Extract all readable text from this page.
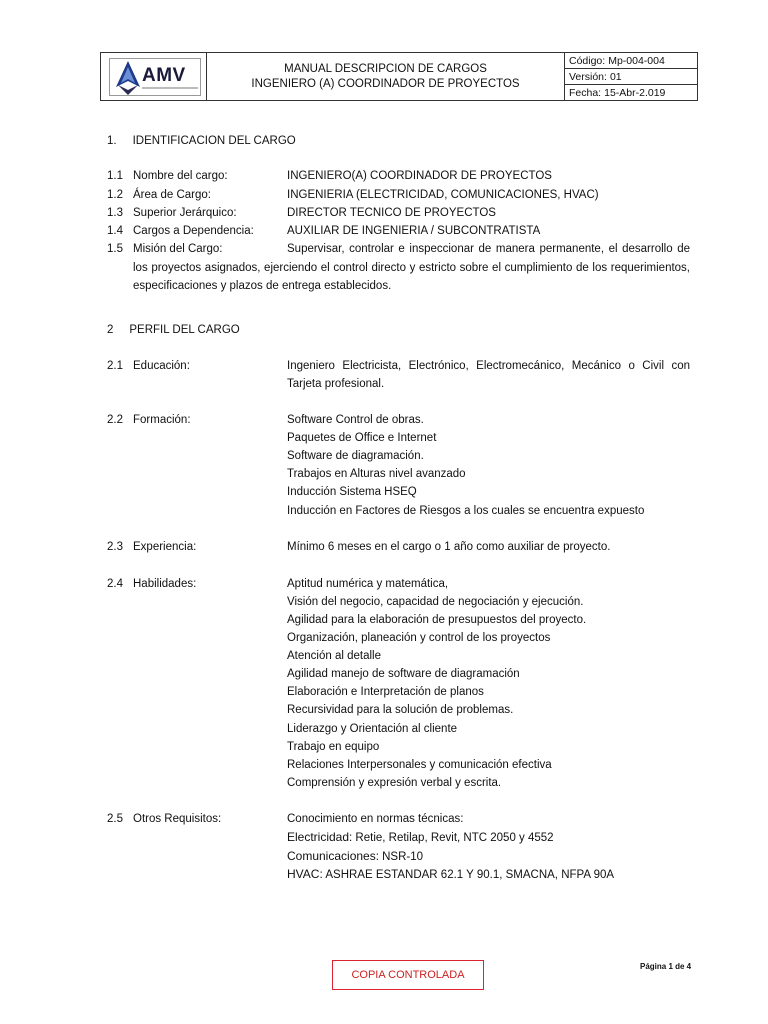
AMV	MANUAL DESCRIPCION DE CARGOS
INGENIERO (A) COORDINADOR DE PROYECTOS
Código: Mp-004-004
Versión: 01
Fecha: 15-Abr-2.019
1.     IDENTIFICACION DEL CARGO
1.1 Nombre del cargo:	INGENIERO(A) COORDINADOR DE PROYECTOS
1.2 Área de Cargo:	INGENIERIA (ELECTRICIDAD, COMUNICACIONES, HVAC)
1.3 Superior Jerárquico:	DIRECTOR TECNICO DE PROYECTOS
1.4 Cargos a Dependencia:	AUXILIAR DE INGENIERIA / SUBCONTRATISTA
1.5 Misión del Cargo:	Supervisar, controlar e inspeccionar de manera permanente, el desarrollo de
los proyectos asignados, ejerciendo el control directo y estricto sobre el cumplimiento de los requerimientos,
especificaciones y plazos de entrega establecidos.
2     PERFIL DEL CARGO
2.1 Educación:	Ingeniero Electricista, Electrónico, Electromecánico, Mecánico o Civil con
Tarjeta profesional.
2.2 Formación:	Software Control de obras.
Paquetes de Office e Internet
Software de diagramación.
Trabajos en Alturas nivel avanzado
Inducción Sistema HSEQ
Inducción en Factores de Riesgos a los cuales se encuentra expuesto
2.3 Experiencia:	Mínimo 6 meses en el cargo o 1 año como auxiliar de proyecto.
2.4 Habilidades:	Aptitud numérica y matemática,
Visión del negocio, capacidad de negociación y ejecución.
Agilidad para la elaboración de presupuestos del proyecto.
Organización, planeación y control de los proyectos
Atención al detalle
Agilidad manejo de software de diagramación
Elaboración e Interpretación de planos
Recursividad para la solución de problemas.
Liderazgo y Orientación al cliente
Trabajo en equipo
Relaciones Interpersonales y comunicación efectiva
Comprensión y expresión verbal y escrita.
2.5 Otros Requisitos:	Conocimiento en normas técnicas:
Electricidad: Retie, Retilap, Revit, NTC 2050 y 4552
Comunicaciones: NSR-10
HVAC: ASHRAE ESTANDAR 62.1 Y 90.1, SMACNA, NFPA 90A
COPIA CONTROLADA
Página 1 de 4
